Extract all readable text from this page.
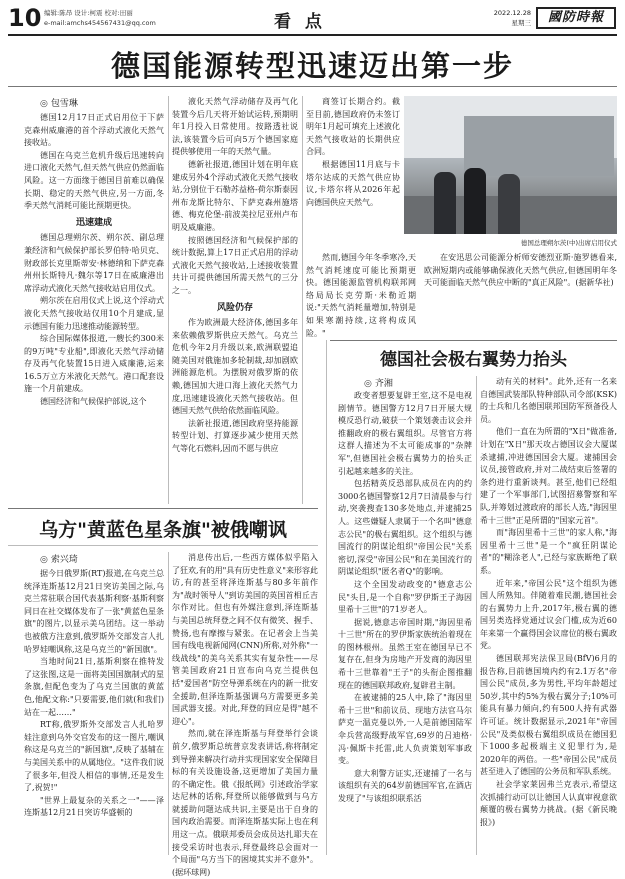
10 编辑:陈昂 设计:柯震 校对:田丽
e-mail:amchs454567431@qq.com	看 点	2022.12.28
星期三	國防時報
德国能源转型迅速迈出第一步
◎ 包雪琳

德国12月17日正式启用位于下萨克森州威廉港的首个浮动式液化天然气接收站。

德国在乌克兰危机升级后迅速转向进口液化天然气,但天然气供应仍然面临风险。这一方面缘于德国目前难以确保长期、稳定的天然气供应,另一方面,冬季天然气消耗可能比预期更快。

迅速建成

德国总理朔尔茨、朔尔茨、副总理兼经济和气候保护部长罗伯特·哈贝克、财政部长克里斯蒂安·林德纳和下萨克森州州长斯特凡·魏尔等17日在威廉港出席浮动式液化天然气接收站启用仪式。

朔尔茨在启用仪式上说,这个浮动式液化天然气接收站仅用10个月建成,显示德国有能力迅速推动能源转型。

综合国际媒体报道,一艘长约300米的9万吨"专业船",即液化天然气浮动储存及再气化装置15日进入威廉港,运来16.5万立方米液化天然气。港口配套设施一个月前建成。

德国经济和气候保护部说,这个

液化天然气浮动储存及再气化装置今后几天将开始试运转,预期明年1月投入日常使用。按路透社说法,该装置今后可向5万个德国家庭提供够使用一年的天然气量。

德新社报道,德国计划在明年底建成另外4个浮动式液化天然气接收站,分别位于石勒苏益格-荷尔斯泰因州布龙斯比特尔、下萨克森州施塔德、梅克伦堡-前波美拉尼亚州卢布明及威廉港。

按照德国经济和气候保护部的统计数据,算上17日正式启用的浮动式液化天然气接收站,上述接收装置共计可提供德国所需天然气的三分之一。

风险仍存

作为欧洲最大经济体,德国多年来依赖俄罗斯供应天然气。乌克兰危机今年2月升级以来,欧洲联盟追随美国对俄施加多轮制裁,却加剧欧洲能源危机。为摆脱对俄罗斯的依赖,德国加大进口海上液化天然气力度,迅速建设液化天然气接收站。但德国天然气供给依然面临风险。

法新社报道,德国政府坚持能源转型计划、打算逐步减少使用天然气等化石燃料,因而不愿与供应

商签订长期合约。截至目前,德国政府仍未签订明年1月起可填充上述液化天然气接收站的长期供应合同。

根据德国11月底与卡塔尔达成的天然气供应协议,卡塔尔将从2026年起向德国供应天然气。

然而,德国今年冬季寒冷,天然气消耗速度可能比预期更快。德国能源监管机构联邦网络局局长克劳斯·米勒近期说:"天然气消耗量增加,特别是如果寒潮持续,这将构成风险。"

德国总理朔尔茨(中)出席启用仪式

在安迅思公司能源分析师安德烈亚斯·施罗德看来,欧洲短期内或能够确保液化天然气供应,但德国明年冬天可能面临天然气供应中断的"真正风险"。(据新华社)

德国社会极右翼势力抬头
◎ 齐湘

政变者想要复辟王室,这不是电视剧情节。德国警方12月7日开展大规模反恐行动,破获一个策划袭击议会并推翻政府的极右翼组织。尽管官方将这群人描述为不太可能成事的"杂牌军",但德国社会极右翼势力的抬头正引起越来越多的关注。

包括精英反恐部队成员在内的约3000名德国警察12月7日清晨参与行动,突袭搜查130多处地点,并逮捕25人。这些嫌疑人隶属于一个名叫"德意志公民"的极右翼组织。这个组织与德国流行的阴谋论组织"帝国公民"关系密切,深受"帝国公民"和在美国流行的阴谋论组织"匿名者Q"的影响。

这个全国发动政变的"德意志公民"头目,是一个自称"罗伊斯王子海因里希十三世"的71岁老人。

据说,德意志帝国时期,"海因里希十三世"所在的罗伊斯家族统治着现在的图林根州。虽然王室在德国早已不复存在,但身为房地产开发商的海因里希十三世靠着"王子"的头衔企图推翻现在的德国联邦政府,复辟君主制。

在被逮捕的25人中,除了"海因里希十三世"和前议员、现地方法官马尔萨克一温克曼以外,一人是前德国陆军伞兵营高级野战军官,69岁的吕迪格·冯·佩斯卡托雷,此人负责策划军事政变。

意大利警方证实,还逮捕了一名与该组织有关的64岁前德国军官,在酒店发现了"与该组织联系活

动有关的材料"。此外,还有一名来自德国武装部队特种部队司令部(KSK)的士兵和几名德国联邦国防军预备役人员。

他们一直在为所谓的"X日"做准备,计划在"X日"那天攻占德国议会大厦谋杀逮捕,冲进德国国会大厦。逮捕国会议员,接管政府,并对二战结束后签署的条约进行重新谈判。甚至,他们已经组建了一个军事部门,试图招募警察和军队,并筹划过渡政府的部长人选,"海因里希十三世"正是所谓的"国家元首"。

而"海因里希十三世"的家人称,"海因里希十三世"是一个"疯狂阴谋论者"的"糊涂老人",已经与家族断绝了联系。

近年来,"帝国公民"这个组织为德国人所熟知。伴随着难民潮,德国社会的右翼势力上升,2017年,极右翼的德国另类选择党通过议会门槛,成为近60年来第一个赢得国会议席位的极右翼政党。

德国联邦宪法保卫局(BfV)6月的报告称,目前德国境内约有2.1万名"帝国公民"成员,多为男性,平均年龄超过50岁,其中约5%为极右翼分子;10%可能具有暴力倾向,约有500人持有武器许可证。统计数据显示,2021年"帝国公民"及类似极右翼组织成员在德国犯下1000多起极端主义犯罪行为,是2020年的两倍。一些"帝国公民"成员甚至进入了德国的公务员和军队系统。

社会学家莱因弗兰克表示,希望这次抓捕行动可以让德国人认真审视意欲颠覆的极右翼势力挑战。(据《新民晚报》)

乌方"黄蓝色星条旗"被俄嘲讽
◎ 索兴琦

据今日俄罗斯(RT)报道,在乌克兰总统泽连斯基12月21日突访美国之际,乌克兰常驻联合国代表基斯利察·基斯利察同日在社交媒体发布了一张"黄蓝色星条旗"的图片,以显示美乌团结。这一举动也被俄方注意到,俄罗斯外交部发言人扎哈罗娃嘲讽称,这是乌克兰的"新国旗"。

当地时间21日,基斯利察在推特发了这张图,这是一面将美国国旗制式的星条旗,但配色变为了乌克兰国旗的黄蓝色,他配文称:"只要需要,他们就(和我们)站在一起……"

RT称,俄罗斯外交部发言人扎哈罗娃注意到乌外交官发布的这一图片,嘲讽称这是乌克兰的"新国旗",反映了基辅在与美国关系中的从属地位。"这件我们说了很多年,但没人相信的事情,还是发生了,祝贺!"

"世界上最复杂的关系之一"——泽连斯基12月21日突访华盛顿的

消息传出后,一些西方媒体似乎陷入了狂欢,有的用"具有历史性意义"来形容此访,有的甚至将泽连斯基与80多年前作为"战时领导人"到访美国的英国首相丘吉尔作对比。但也有外媒注意到,泽连斯基与美国总统拜登之间不仅有微笑、握手、赞扬,也有摩擦与紧张。在记者会上当美国有线电视新闻网(CNN)所称,对外称"一线战线"的美乌关系其实有复杂性——尽管美国政府21日宣布向乌克兰提供包括"爱国者"防空导弹系统在内的新一批安全援助,但泽连斯基强调乌方需要更多美国武器支援。对此,拜登的回应是得"越不迎心"。

然而,就在泽连斯基与拜登举行会谈前夕,俄罗斯总统普京发表讲话,称将制定到导弹来解决行动并实现国家安全保障目标的有关设施设备,这更增加了美国力量的不确定性。俄《报纸网》引述政治学家达尼林的话称,拜登所以能够做到与乌方就援助问题达成共识,主要是出于自身的国内政治需要。而泽连斯基实际上也在利用这一点。俄联邦委员会成员达扎耶夫在接受采访时也表示,拜登最终总会面对一个局面"乌方当下的困境其实并不意外"。(据环球网)
